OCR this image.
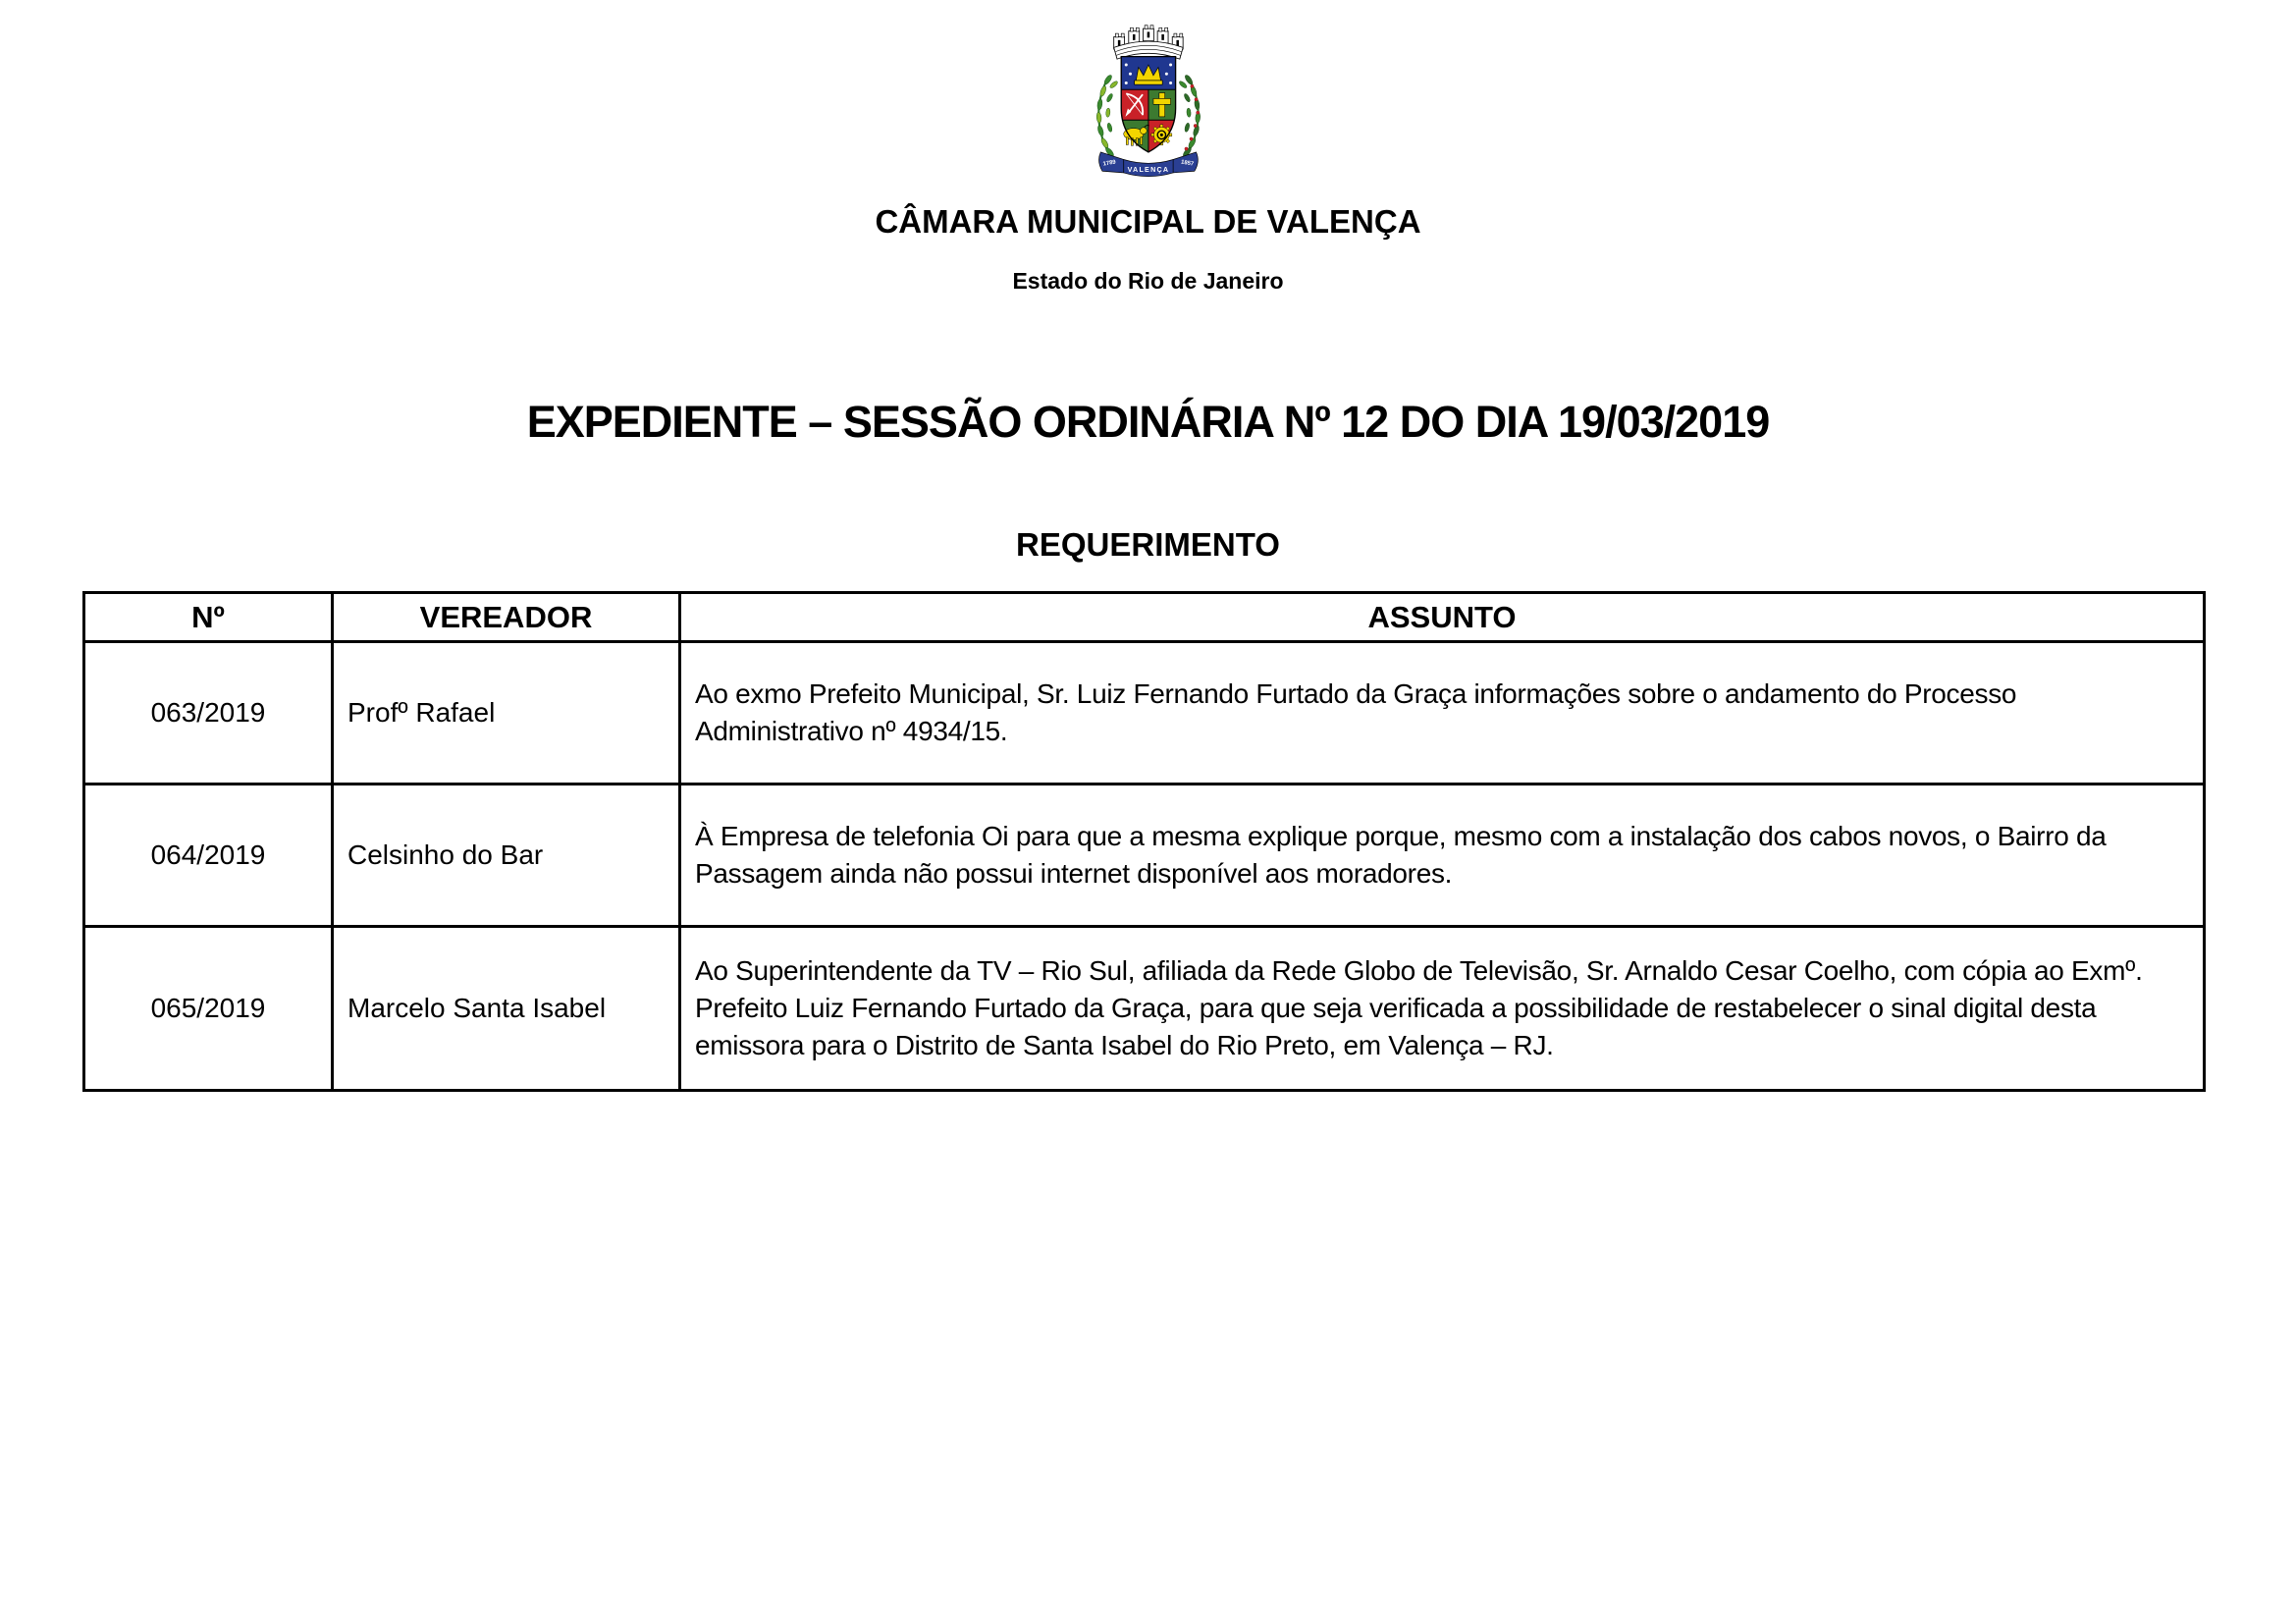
1789
VALENÇA
1857
CÂMARA MUNICIPAL DE VALENÇA
Estado do Rio de Janeiro
EXPEDIENTE – SESSÃO ORDINÁRIA Nº 12 DO DIA 19/03/2019
REQUERIMENTO
Nº	VEREADOR	ASSUNTO
063/2019	Profº Rafael	Ao exmo Prefeito Municipal, Sr. Luiz Fernando Furtado da Graça informações sobre o andamento do Processo Administrativo nº 4934/15.
064/2019	Celsinho do Bar	À Empresa de telefonia Oi para que a mesma explique porque, mesmo com a instalação dos cabos novos, o Bairro da Passagem ainda não possui internet disponível aos moradores.
065/2019	Marcelo Santa Isabel	Ao Superintendente da TV – Rio Sul, afiliada da Rede Globo de Televisão, Sr. Arnaldo Cesar Coelho, com cópia ao Exmº. Prefeito Luiz Fernando Furtado da Graça, para que seja verificada a possibilidade de restabelecer o sinal digital desta emissora para o Distrito de Santa Isabel do Rio Preto, em Valença – RJ.
